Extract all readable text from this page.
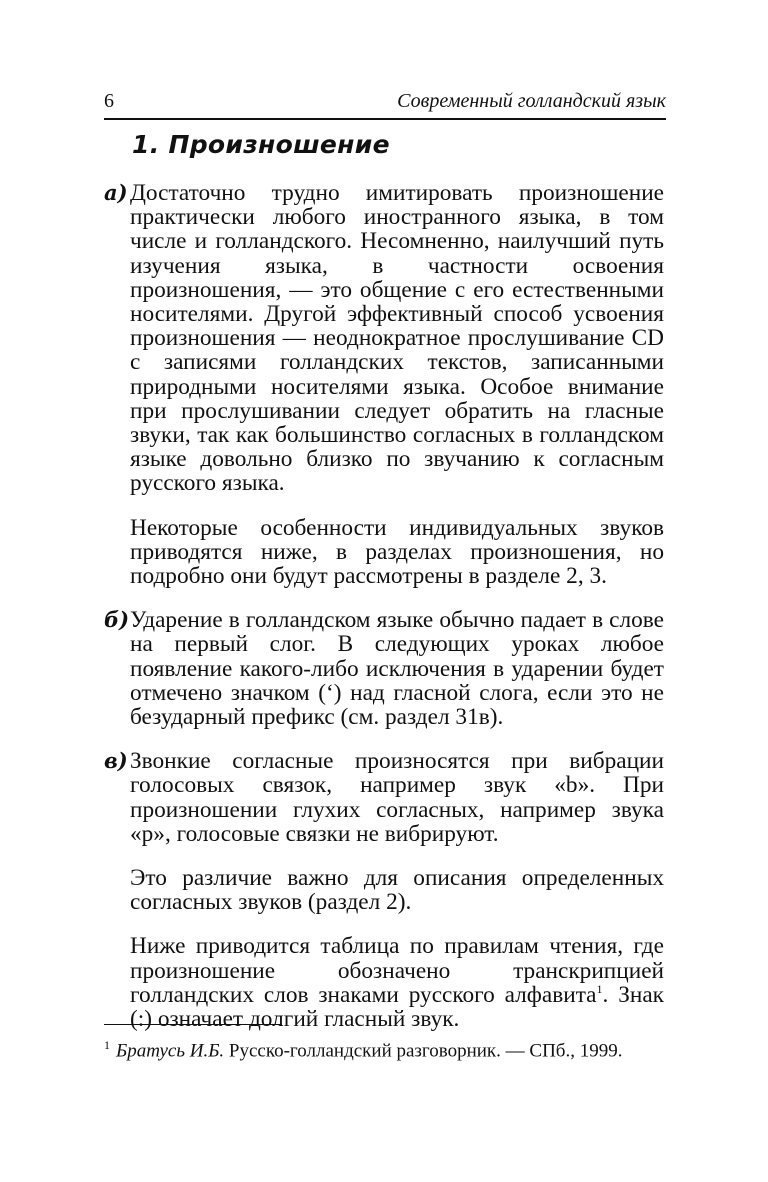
6	Современный голландский язык
1. Произношение
а) Достаточно трудно имитировать произношение практически любого иностранного языка, в том числе и голландского. Несомненно, наилучший путь изучения языка, в частности освоения произношения, — это общение с его естественными носителями. Другой эффективный способ усвоения произношения — неоднократное прослушивание CD с записями голландских текстов, записанными природными носителями языка. Особое внимание при прослушивании следует обратить на гласные звуки, так как большинство согласных в голландском языке довольно близко по звучанию к согласным русского языка.
Некоторые особенности индивидуальных звуков приводятся ниже, в разделах произношения, но подробно они будут рассмотрены в разделе 2, 3.
б) Ударение в голландском языке обычно падает в слове на первый слог. В следующих уроках любое появление какого-либо исключения в ударении будет отмечено значком (‘) над гласной слога, если это не безударный префикс (см. раздел 31в).
в) Звонкие согласные произносятся при вибрации голосовых связок, например звук «b». При произношении глухих согласных, например звука «p», голосовые связки не вибрируют.
Это различие важно для описания определенных согласных звуков (раздел 2).
Ниже приводится таблица по правилам чтения, где произношение обозначено транскрипцией голландских слов знаками русского алфавита$^1$. Знак (:) означает долгий гласный звук.
$^1$ Братусь И.Б. Русско-голландский разговорник. — СПб., 1999.
